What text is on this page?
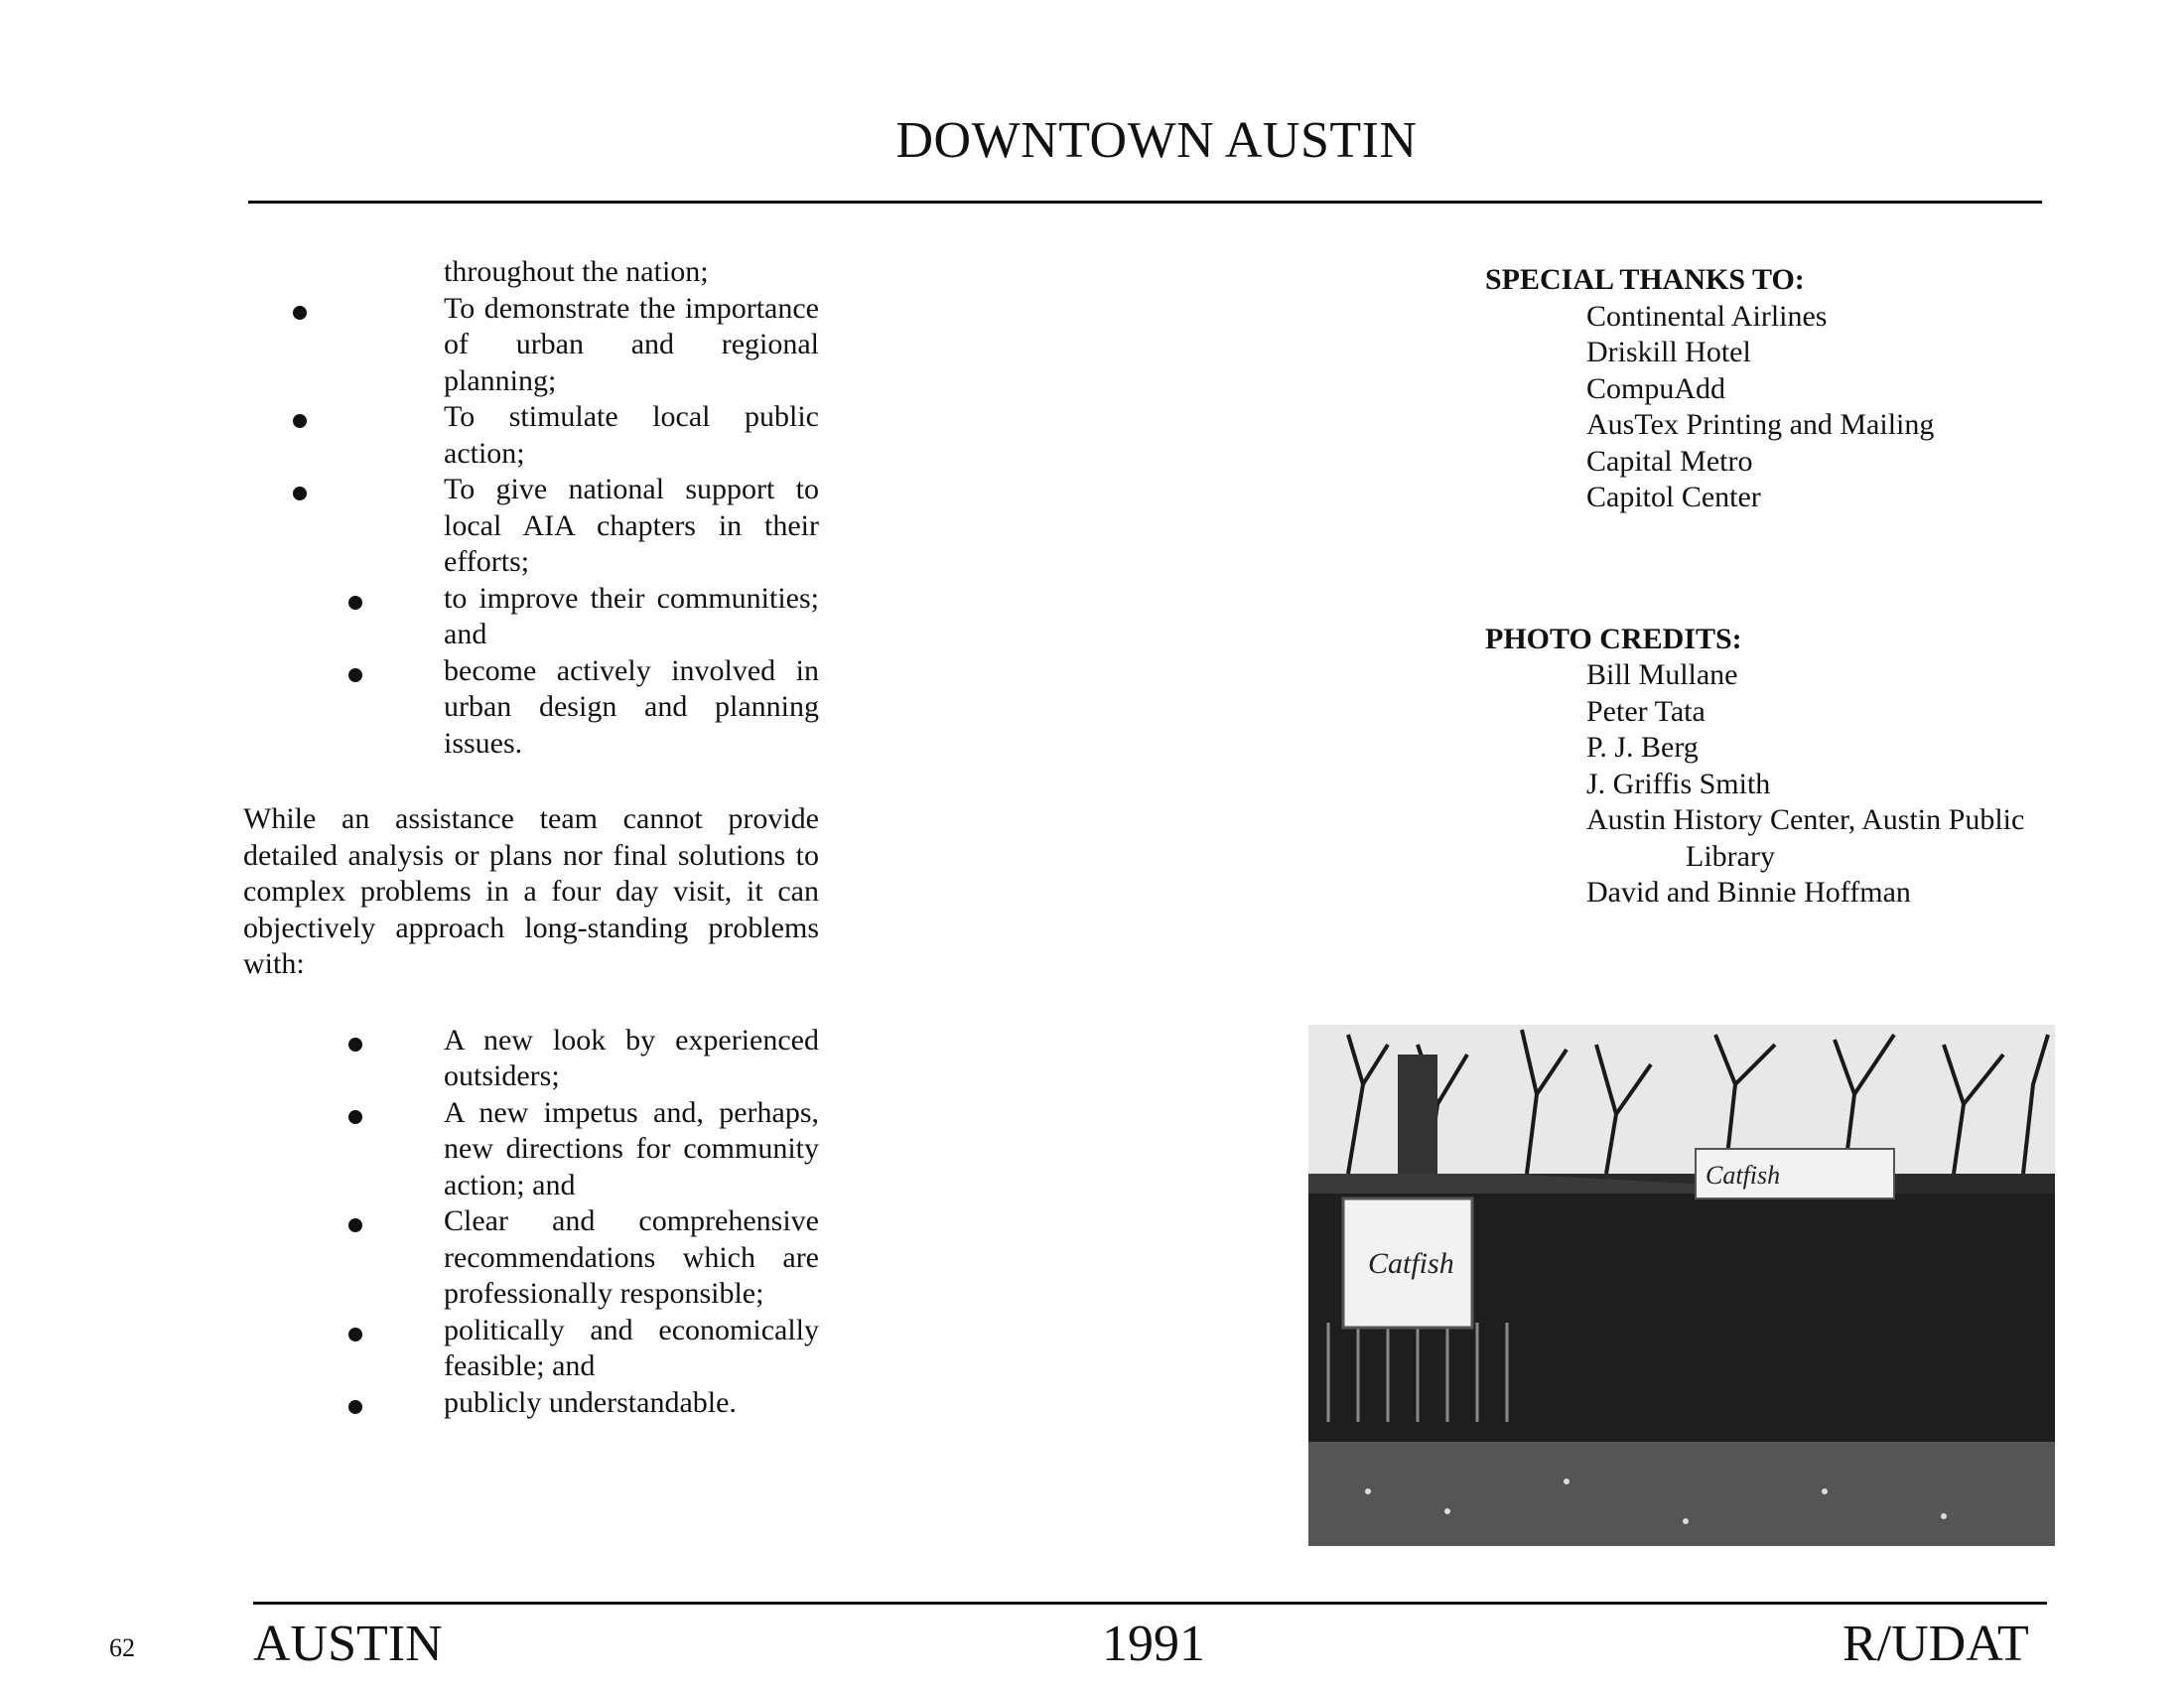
DOWNTOWN AUSTIN
throughout the nation;
To demonstrate the importance of urban and regional planning;
To stimulate local public action;
To give national support to local AIA chapters in their efforts;
to improve their communities; and
become actively involved in urban design and planning issues.

While an assistance team cannot provide detailed analysis or plans nor final solutions to complex problems in a four day visit, it can objectively approach long-standing problems with:

A new look by experienced outsiders;
A new impetus and, perhaps, new directions for community action; and
Clear and comprehensive recommendations which are professionally responsible;
politically and economically feasible; and
publicly understandable.
SPECIAL THANKS TO:
Continental Airlines
Driskill Hotel
CompuAdd
AusTex Printing and Mailing
Capital Metro
Capitol Center
PHOTO CREDITS:
Bill Mullane
Peter Tata
P. J. Berg
J. Griffis Smith
Austin History Center, Austin Public
Library
David and Binnie Hoffman
Catfish
Catfish
62 AUSTIN	1991	R/UDAT
